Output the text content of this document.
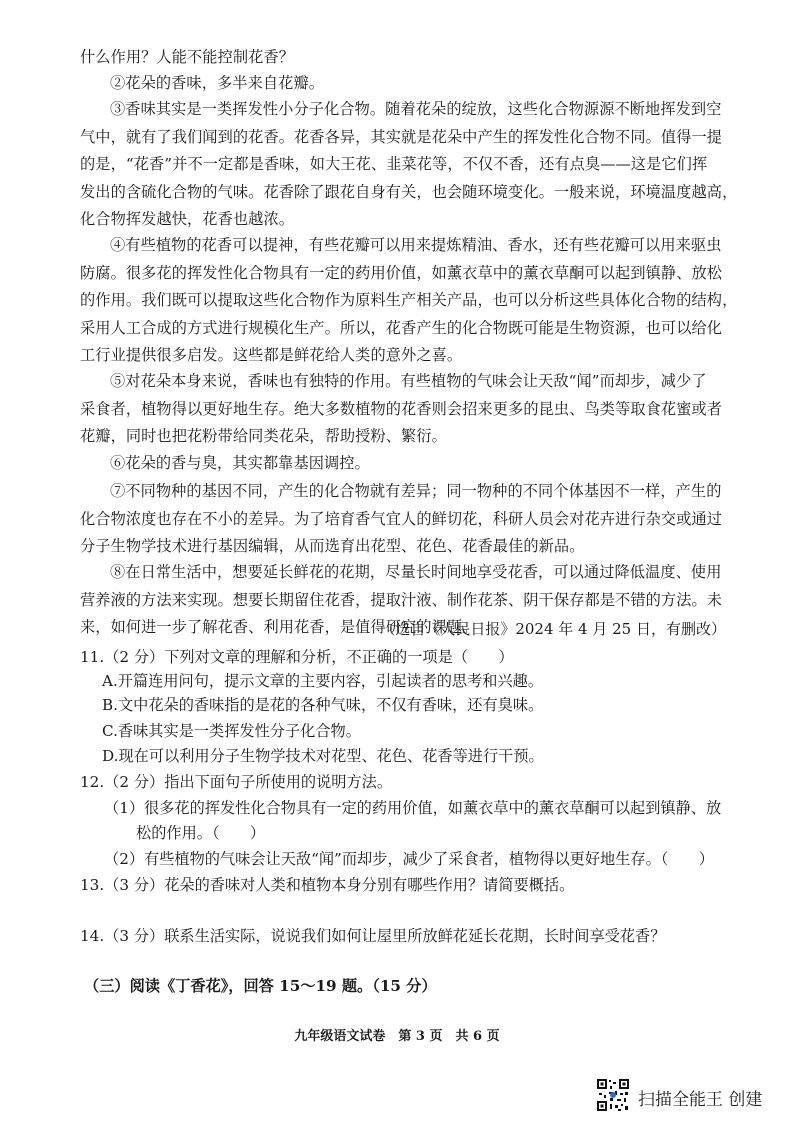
什么作用？人能不能控制花香？
②花朵的香味，多半来自花瓣。
③香味其实是一类挥发性小分子化合物。随着花朵的绽放，这些化合物源源不断地挥发到空
气中，就有了我们闻到的花香。花香各异，其实就是花朵中产生的挥发性化合物不同。值得一提
的是，“花香”并不一定都是香味，如大王花、韭菜花等，不仅不香，还有点臭——这是它们挥
发出的含硫化合物的气味。花香除了跟花自身有关，也会随环境变化。一般来说，环境温度越高，
化合物挥发越快，花香也越浓。
④有些植物的花香可以提神，有些花瓣可以用来提炼精油、香水，还有些花瓣可以用来驱虫
防腐。很多花的挥发性化合物具有一定的药用价值，如薰衣草中的薰衣草酮可以起到镇静、放松
的作用。我们既可以提取这些化合物作为原料生产相关产品，也可以分析这些具体化合物的结构，
采用人工合成的方式进行规模化生产。所以，花香产生的化合物既可能是生物资源，也可以给化
工行业提供很多启发。这些都是鲜花给人类的意外之喜。
⑤对花朵本身来说，香味也有独特的作用。有些植物的气味会让天敌“闻”而却步，减少了
采食者，植物得以更好地生存。绝大多数植物的花香则会招来更多的昆虫、鸟类等取食花蜜或者
花瓣，同时也把花粉带给同类花朵，帮助授粉、繁衍。
⑥花朵的香与臭，其实都靠基因调控。
⑦不同物种的基因不同，产生的化合物就有差异；同一物种的不同个体基因不一样，产生的
化合物浓度也存在不小的差异。为了培育香气宜人的鲜切花，科研人员会对花卉进行杂交或通过
分子生物学技术进行基因编辑，从而选育出花型、花色、花香最佳的新品。
⑧在日常生活中，想要延长鲜花的花期，尽量长时间地享受花香，可以通过降低温度、使用
营养液的方法来实现。想要长期留住花香，提取汁液、制作花茶、阴干保存都是不错的方法。未
来，如何进一步了解花香、利用花香，是值得研究的课题。
（选自《人民日报》2024 年 4 月 25 日，有删改）
11.（2 分）下列对文章的理解和分析，不正确的一项是（　　）
A.开篇连用问句，提示文章的主要内容，引起读者的思考和兴趣。
B.文中花朵的香味指的是花的各种气味，不仅有香味，还有臭味。
C.香味其实是一类挥发性分子化合物。
D.现在可以利用分子生物学技术对花型、花色、花香等进行干预。
12.（2 分）指出下面句子所使用的说明方法。
（1）很多花的挥发性化合物具有一定的药用价值，如薰衣草中的薰衣草酮可以起到镇静、放
松的作用。（　　）
（2）有些植物的气味会让天敌“闻”而却步，减少了采食者，植物得以更好地生存。（　　）
13.（3 分）花朵的香味对人类和植物本身分别有哪些作用？请简要概括。
14.（3 分）联系生活实际，说说我们如何让屋里所放鲜花延长花期，长时间享受花香？
（三）阅读《丁香花》，回答 15～19 题。（15 分）
九年级语文试卷　第 3 页　共 6 页
扫描全能王 创建
